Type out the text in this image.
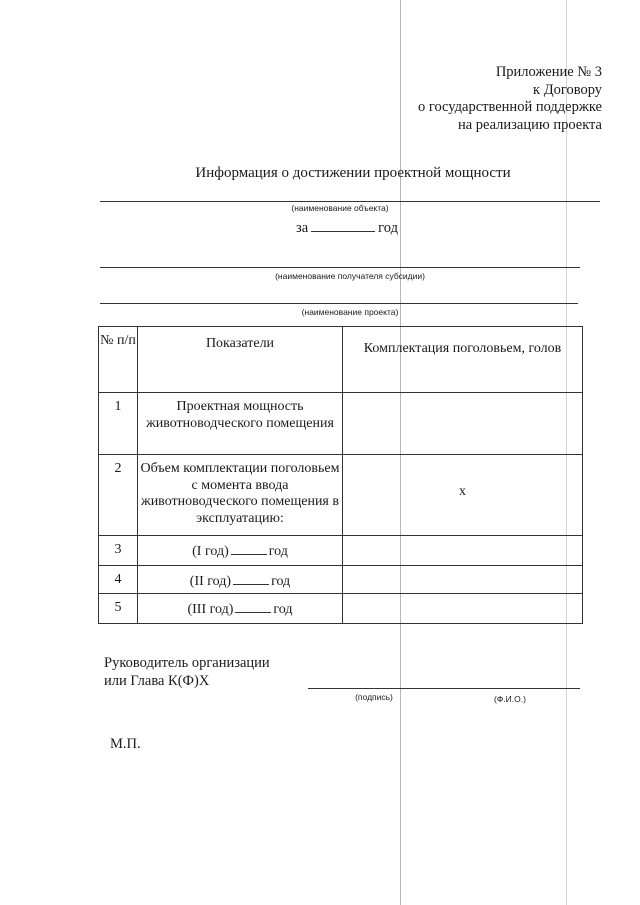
Приложение № 3
к Договору
о государственной поддержке
на реализацию проекта
Информация о достижении проектной мощности
(наименование объекта)
за	год
(наименование получателя субсидии)
(наименование проекта)
№ п/п	Показатели	Комплектация поголовьем, голов
1	Проектная мощность животноводческого помещения	
2	Объем комплектации поголовьем с момента ввода животноводческого помещения в эксплуатацию:	х
3	(I год) год	
4	(II год) год	
5	(III год) год	
Руководитель организации
или Глава К(Ф)Х
(подпись)	(Ф.И.О.)
М.П.
